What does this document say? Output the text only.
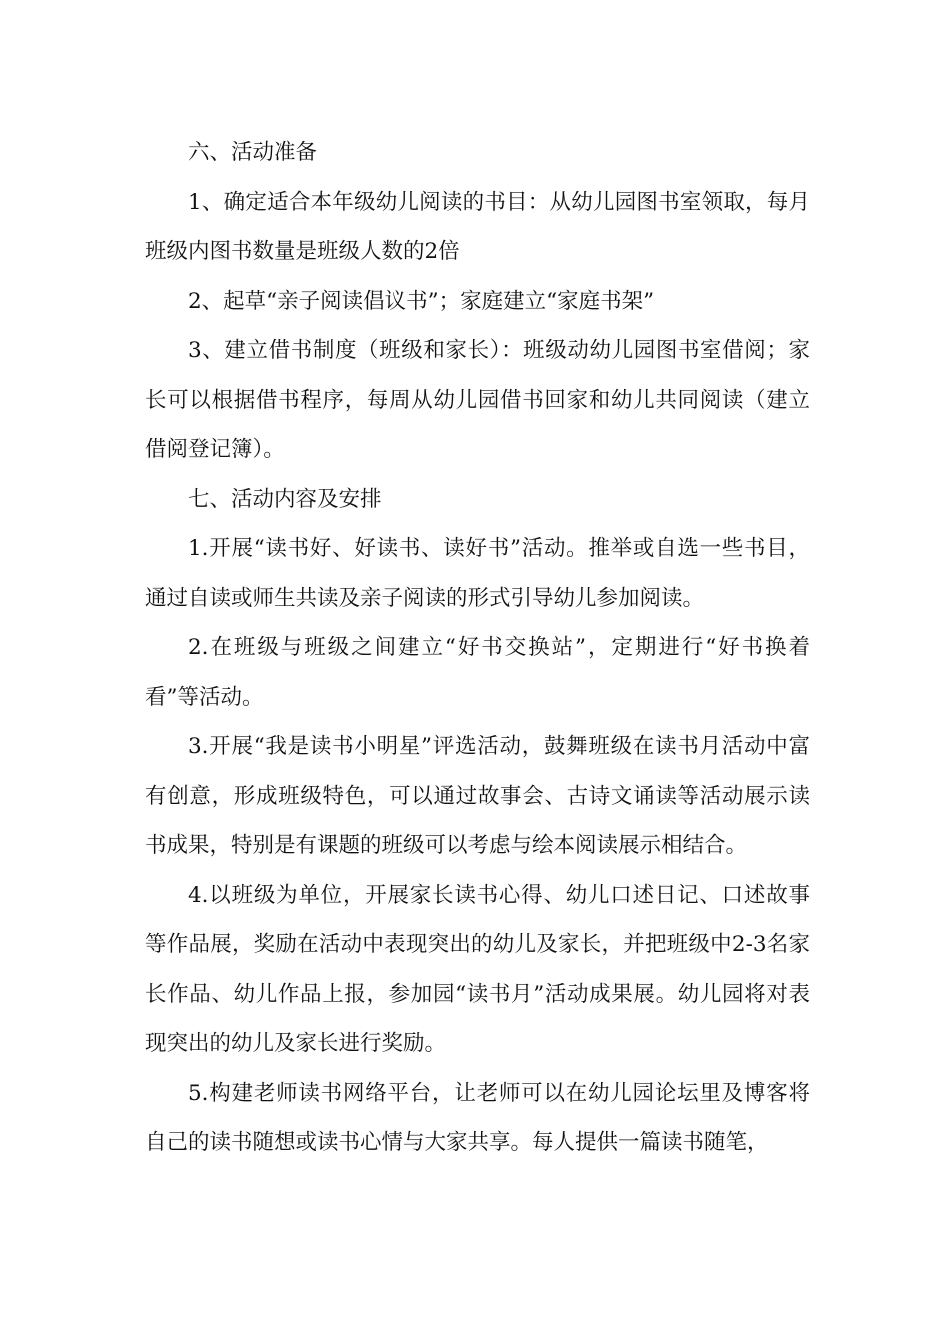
六、活动准备

1、确定适合本年级幼儿阅读的书目：从幼儿园图书室领取，每月班级内图书数量是班级人数的2倍

2、起草“亲子阅读倡议书”；家庭建立“家庭书架”

3、建立借书制度（班级和家长）：班级动幼儿园图书室借阅；家长可以根据借书程序，每周从幼儿园借书回家和幼儿共同阅读（建立借阅登记簿）。

七、活动内容及安排

1.开展“读书好、好读书、读好书”活动。推举或自选一些书目，通过自读或师生共读及亲子阅读的形式引导幼儿参加阅读。

2.在班级与班级之间建立“好书交换站”，定期进行“好书换着看”等活动。

3.开展“我是读书小明星”评选活动，鼓舞班级在读书月活动中富有创意，形成班级特色，可以通过故事会、古诗文诵读等活动展示读书成果，特别是有课题的班级可以考虑与绘本阅读展示相结合。

4.以班级为单位，开展家长读书心得、幼儿口述日记、口述故事等作品展，奖励在活动中表现突出的幼儿及家长，并把班级中2-3名家长作品、幼儿作品上报，参加园“读书月”活动成果展。幼儿园将对表现突出的幼儿及家长进行奖励。

5.构建老师读书网络平台，让老师可以在幼儿园论坛里及博客将自己的读书随想或读书心情与大家共享。每人提供一篇读书随笔，
